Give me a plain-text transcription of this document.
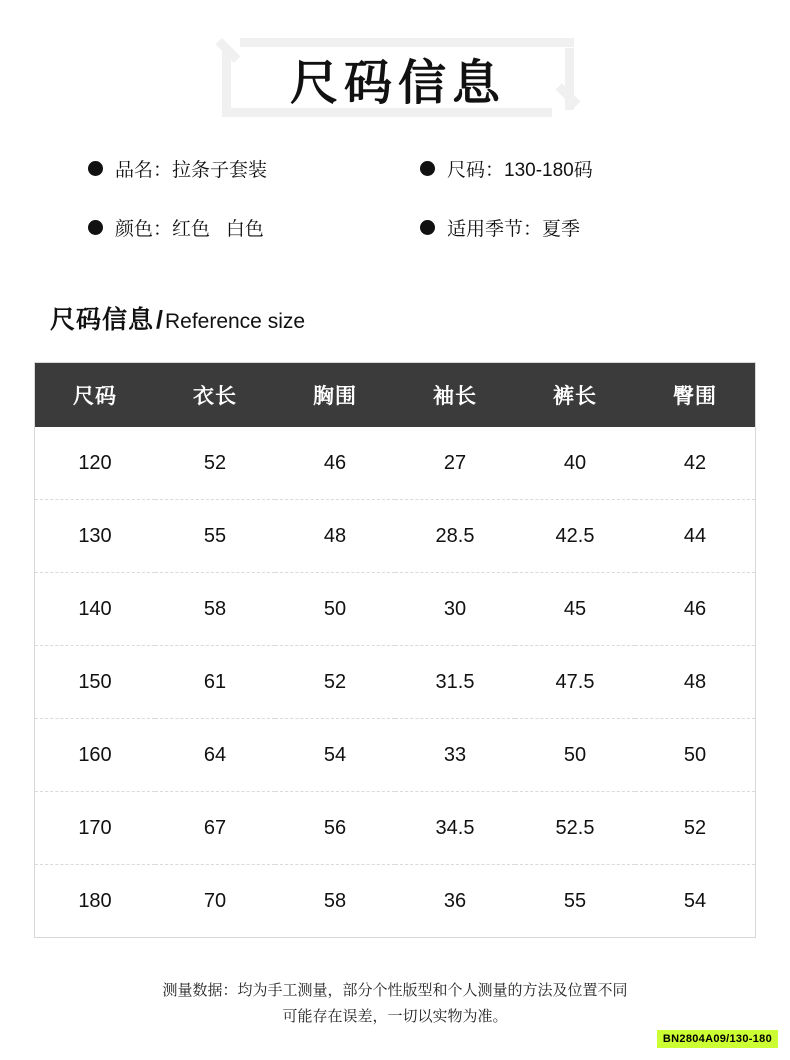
尺码信息
品名： 拉条子套装	尺码： 130-180码
颜色： 红色   白色	适用季节： 夏季
尺码信息 / Reference size
尺码	衣长	胸围	袖长	裤长	臀围
120	52	46	27	40	42
130	55	48	28.5	42.5	44
140	58	50	30	45	46
150	61	52	31.5	47.5	48
160	64	54	33	50	50
170	67	56	34.5	52.5	52
180	70	58	36	55	54
测量数据：均为手工测量，部分个性版型和个人测量的方法及位置不同
可能存在误差，一切以实物为准。
BN2804A09/130-180
